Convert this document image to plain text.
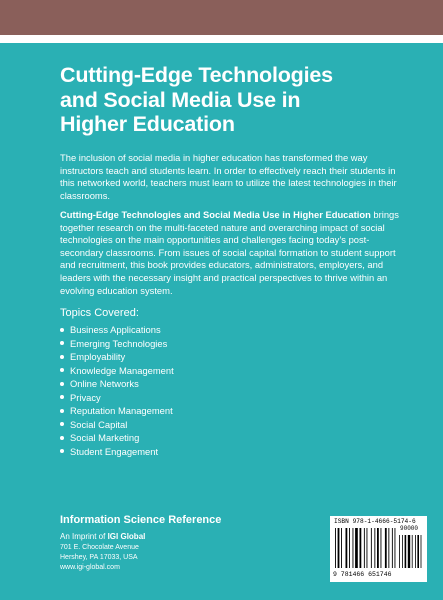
Cutting-Edge Technologies
and Social Media Use in
Higher Education
The inclusion of social media in higher education has transformed the way instructors teach and students learn. In order to effectively reach their students in this networked world, teachers must learn to utilize the latest technologies in their classrooms.
Cutting-Edge Technologies and Social Media Use in Higher Education brings together research on the multi-faceted nature and overarching impact of social technologies on the main opportunities and challenges facing today’s post-secondary classrooms. From issues of social capital formation to student support and recruitment, this book provides educators, administrators, employers, and leaders with the necessary insight and practical perspectives to thrive within an evolving education system.
Topics Covered:
Business Applications
Emerging Technologies
Employability
Knowledge Management
Online Networks
Privacy
Reputation Management
Social Capital
Social Marketing
Student Engagement
Information Science Reference
An Imprint of IGI Global
701 E. Chocolate Avenue
Hershey, PA 17033, USA
www.igi-global.com
ISBN 978-1-4666-5174-6
90000
9 781466 651746
